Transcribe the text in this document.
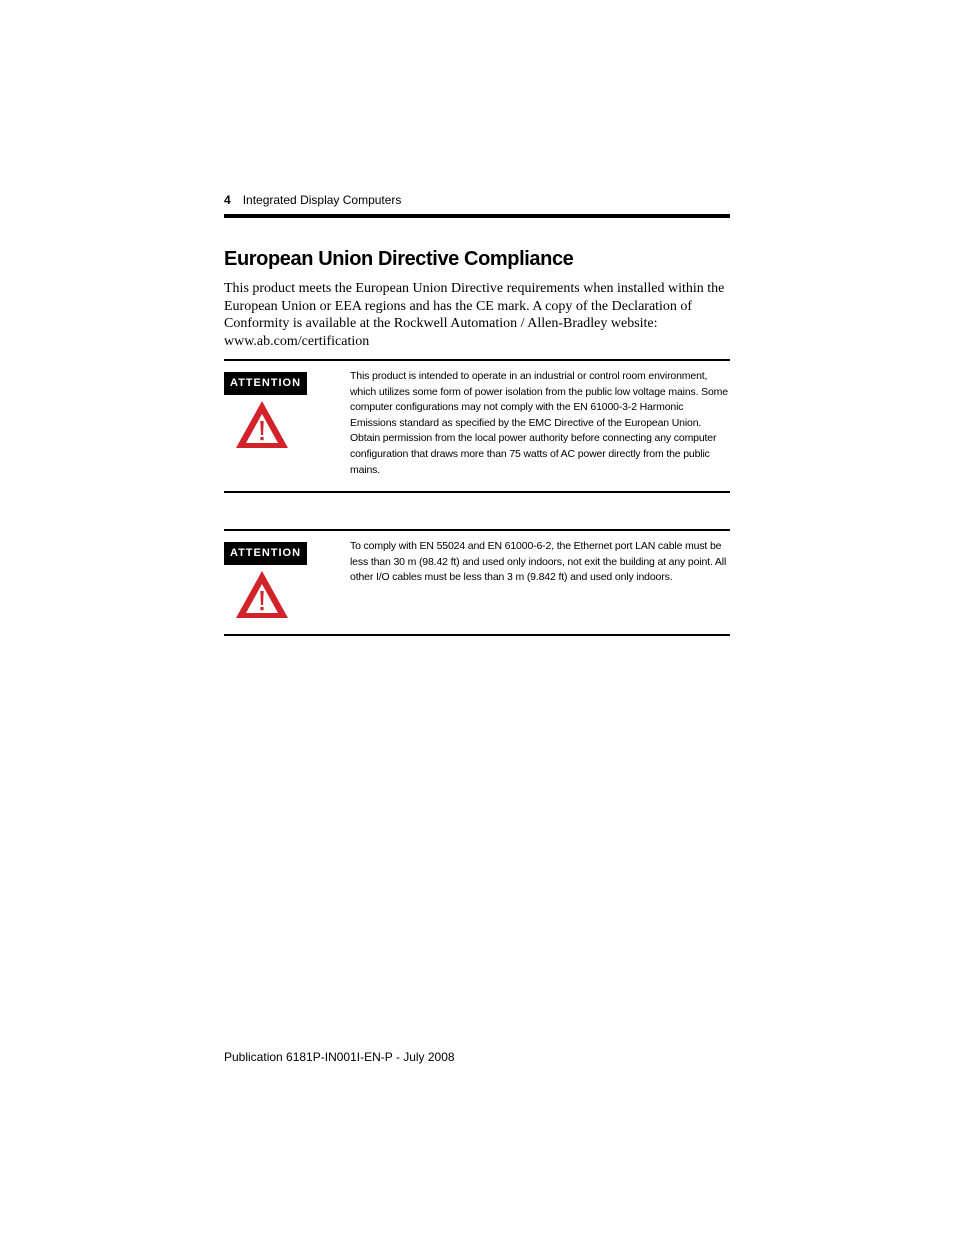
4 Integrated Display Computers
European Union Directive Compliance

This product meets the European Union Directive requirements when installed within the European Union or EEA regions and has the CE mark. A copy of the Declaration of Conformity is available at the Rockwell Automation / Allen-Bradley website: www.ab.com/certification

ATTENTION

This product is intended to operate in an industrial or control room environment, which utilizes some form of power isolation from the public low voltage mains. Some computer configurations may not comply with the EN 61000-3-2 Harmonic Emissions standard as specified by the EMC Directive of the European Union. Obtain permission from the local power authority before connecting any computer configuration that draws more than 75 watts of AC power directly from the public mains.

ATTENTION

To comply with EN 55024 and EN 61000-6-2, the Ethernet port LAN cable must be less than 30 m (98.42 ft) and used only indoors, not exit the building at any point. All other I/O cables must be less than 3 m (9.842 ft) and used only indoors.

Publication 6181P-IN001I-EN-P - July 2008
